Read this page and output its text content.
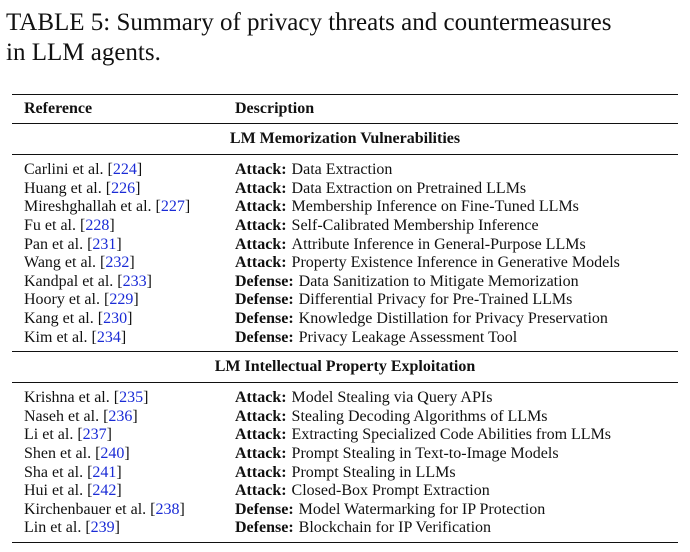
TABLE 5: Summary of privacy threats and countermeasures
in LLM agents.
Reference	Description
LM Memorization Vulnerabilities
Carlini et al. [224]	Attack: Data Extraction
Huang et al. [226]	Attack: Data Extraction on Pretrained LLMs
Mireshghallah et al. [227]	Attack: Membership Inference on Fine-Tuned LLMs
Fu et al. [228]	Attack: Self-Calibrated Membership Inference
Pan et al. [231]	Attack: Attribute Inference in General-Purpose LLMs
Wang et al. [232]	Attack: Property Existence Inference in Generative Models
Kandpal et al. [233]	Defense: Data Sanitization to Mitigate Memorization
Hoory et al. [229]	Defense: Differential Privacy for Pre-Trained LLMs
Kang et al. [230]	Defense: Knowledge Distillation for Privacy Preservation
Kim et al. [234]	Defense: Privacy Leakage Assessment Tool
LM Intellectual Property Exploitation
Krishna et al. [235]	Attack: Model Stealing via Query APIs
Naseh et al. [236]	Attack: Stealing Decoding Algorithms of LLMs
Li et al. [237]	Attack: Extracting Specialized Code Abilities from LLMs
Shen et al. [240]	Attack: Prompt Stealing in Text-to-Image Models
Sha et al. [241]	Attack: Prompt Stealing in LLMs
Hui et al. [242]	Attack: Closed-Box Prompt Extraction
Kirchenbauer et al. [238]	Defense: Model Watermarking for IP Protection
Lin et al. [239]	Defense: Blockchain for IP Verification
